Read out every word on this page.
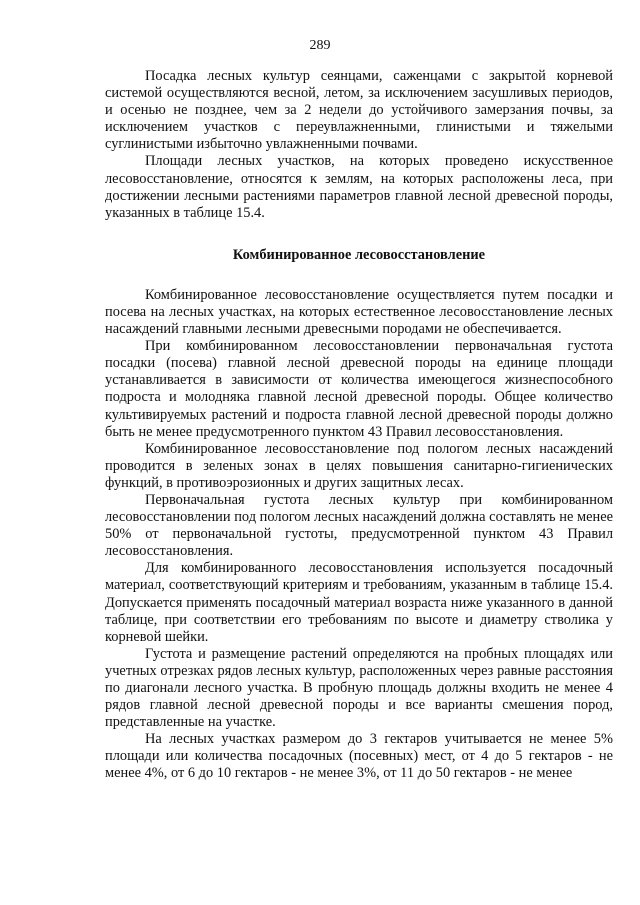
289

Посадка лесных культур сеянцами, саженцами с закрытой корневой системой осуществляются весной, летом, за исключением засушливых периодов, и осенью не позднее, чем за 2 недели до устойчивого замерзания почвы, за исключением участков с переувлажненными, глинистыми и тяжелыми суглинистыми избыточно увлажненными почвами.

Площади лесных участков, на которых проведено искусственное лесовосстановление, относятся к землям, на которых расположены леса, при достижении лесными растениями параметров главной лесной древесной породы, указанных в таблице 15.4.

Комбинированное лесовосстановление

Комбинированное лесовосстановление осуществляется путем посадки и посева на лесных участках, на которых естественное лесовосстановление лесных насаждений главными лесными древесными породами не обеспечивается.

При комбинированном лесовосстановлении первоначальная густота посадки (посева) главной лесной древесной породы на единице площади устанавливается в зависимости от количества имеющегося жизнеспособного подроста и молодняка главной лесной древесной породы. Общее количество культивируемых растений и подроста главной лесной древесной породы должно быть не менее предусмотренного пунктом 43 Правил лесовосстановления.

Комбинированное лесовосстановление под пологом лесных насаждений проводится в зеленых зонах в целях повышения санитарно-гигиенических функций, в противоэрозионных и других защитных лесах.

Первоначальная густота лесных культур при комбинированном лесовосстановлении под пологом лесных насаждений должна составлять не менее 50% от первоначальной густоты, предусмотренной пунктом 43 Правил лесовосстановления.

Для комбинированного лесовосстановления используется посадочный материал, соответствующий критериям и требованиям, указанным в таблице 15.4. Допускается применять посадочный материал возраста ниже указанного в данной таблице, при соответствии его требованиям по высоте и диаметру стволика у корневой шейки.

Густота и размещение растений определяются на пробных площадях или учетных отрезках рядов лесных культур, расположенных через равные расстояния по диагонали лесного участка. В пробную площадь должны входить не менее 4 рядов главной лесной древесной породы и все варианты смешения пород, представленные на участке.

На лесных участках размером до 3 гектаров учитывается не менее 5% площади или количества посадочных (посевных) мест, от 4 до 5 гектаров - не менее 4%, от 6 до 10 гектаров - не менее 3%, от 11 до 50 гектаров - не менее
